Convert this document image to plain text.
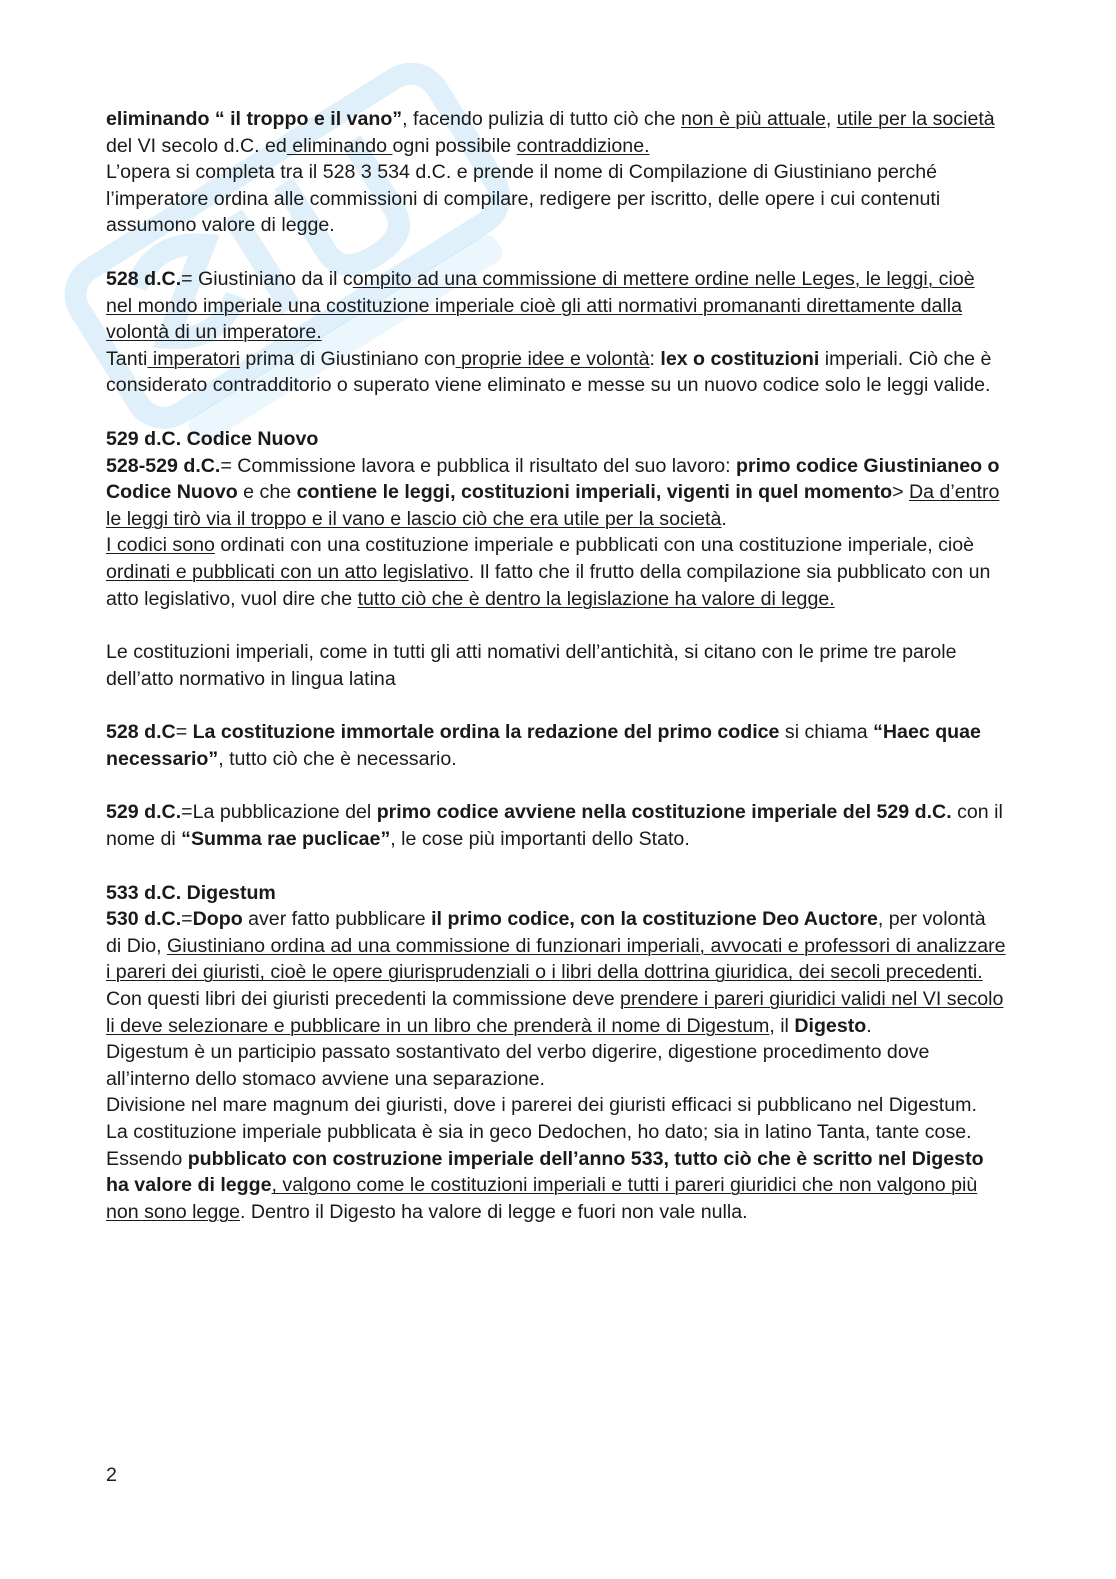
eliminando “ il troppo e il vano”, facendo pulizia di tutto ciò che non è più attuale, utile per la società del VI secolo d.C. ed eliminando ogni possibile contraddizione.
L’opera si completa tra il 528 3 534 d.C. e prende il nome di Compilazione di Giustiniano perché l’imperatore ordina alle commissioni di compilare, redigere per iscritto, delle opere i cui contenuti assumono valore di legge.

528 d.C.= Giustiniano da il compito ad una commissione di mettere ordine nelle Leges, le leggi, cioè nel mondo imperiale una costituzione imperiale cioè gli atti normativi promananti direttamente dalla volontà di un imperatore.
Tanti imperatori prima di Giustiniano con proprie idee e volontà: lex o costituzioni imperiali. Ciò che è considerato contradditorio o superato viene eliminato e messe su un nuovo codice solo le leggi valide.

529 d.C. Codice Nuovo
528-529 d.C.= Commissione lavora e pubblica il risultato del suo lavoro: primo codice Giustinianeo o Codice Nuovo e che contiene le leggi, costituzioni imperiali, vigenti in quel momento> Da d’entro le leggi tirò via il troppo e il vano e lascio ciò che era utile per la società.
I codici sono ordinati con una costituzione imperiale e pubblicati con una costituzione imperiale, cioè ordinati e pubblicati con un atto legislativo. Il fatto che il frutto della compilazione sia pubblicato con un atto legislativo, vuol dire che tutto ciò che è dentro la legislazione ha valore di legge.

Le costituzioni imperiali, come in tutti gli atti nomativi dell’antichità, si citano con le prime tre parole dell’atto normativo in lingua latina

528 d.C= La costituzione immortale ordina la redazione del primo codice si chiama “Haec quae necessario”, tutto ciò che è necessario.

529 d.C.=La pubblicazione del primo codice avviene nella costituzione imperiale del 529 d.C. con il nome di “Summa rae puclicae”, le cose più importanti dello Stato.

533 d.C. Digestum
530 d.C.=Dopo aver fatto pubblicare il primo codice, con la costituzione Deo Auctore, per volontà di Dio, Giustiniano ordina ad una commissione di funzionari imperiali, avvocati e professori di analizzare i pareri dei giuristi, cioè le opere giurisprudenziali o i libri della dottrina giuridica, dei secoli precedenti. Con questi libri dei giuristi precedenti la commissione deve prendere i pareri giuridici validi nel VI secolo li deve selezionare e pubblicare in un libro che prenderà il nome di Digestum, il Digesto.
Digestum è un participio passato sostantivato del verbo digerire, digestione procedimento dove all’interno dello stomaco avviene una separazione.
Divisione nel mare magnum dei giuristi, dove i parerei dei giuristi efficaci si pubblicano nel Digestum.
La costituzione imperiale pubblicata è sia in geco Dedochen, ho dato; sia in latino Tanta, tante cose.
Essendo pubblicato con costruzione imperiale dell’anno 533, tutto ciò che è scritto nel Digesto ha valore di legge, valgono come le costituzioni imperiali e tutti i pareri giuridici che non valgono più non sono legge. Dentro il Digesto ha valore di legge e fuori non vale nulla.

2
